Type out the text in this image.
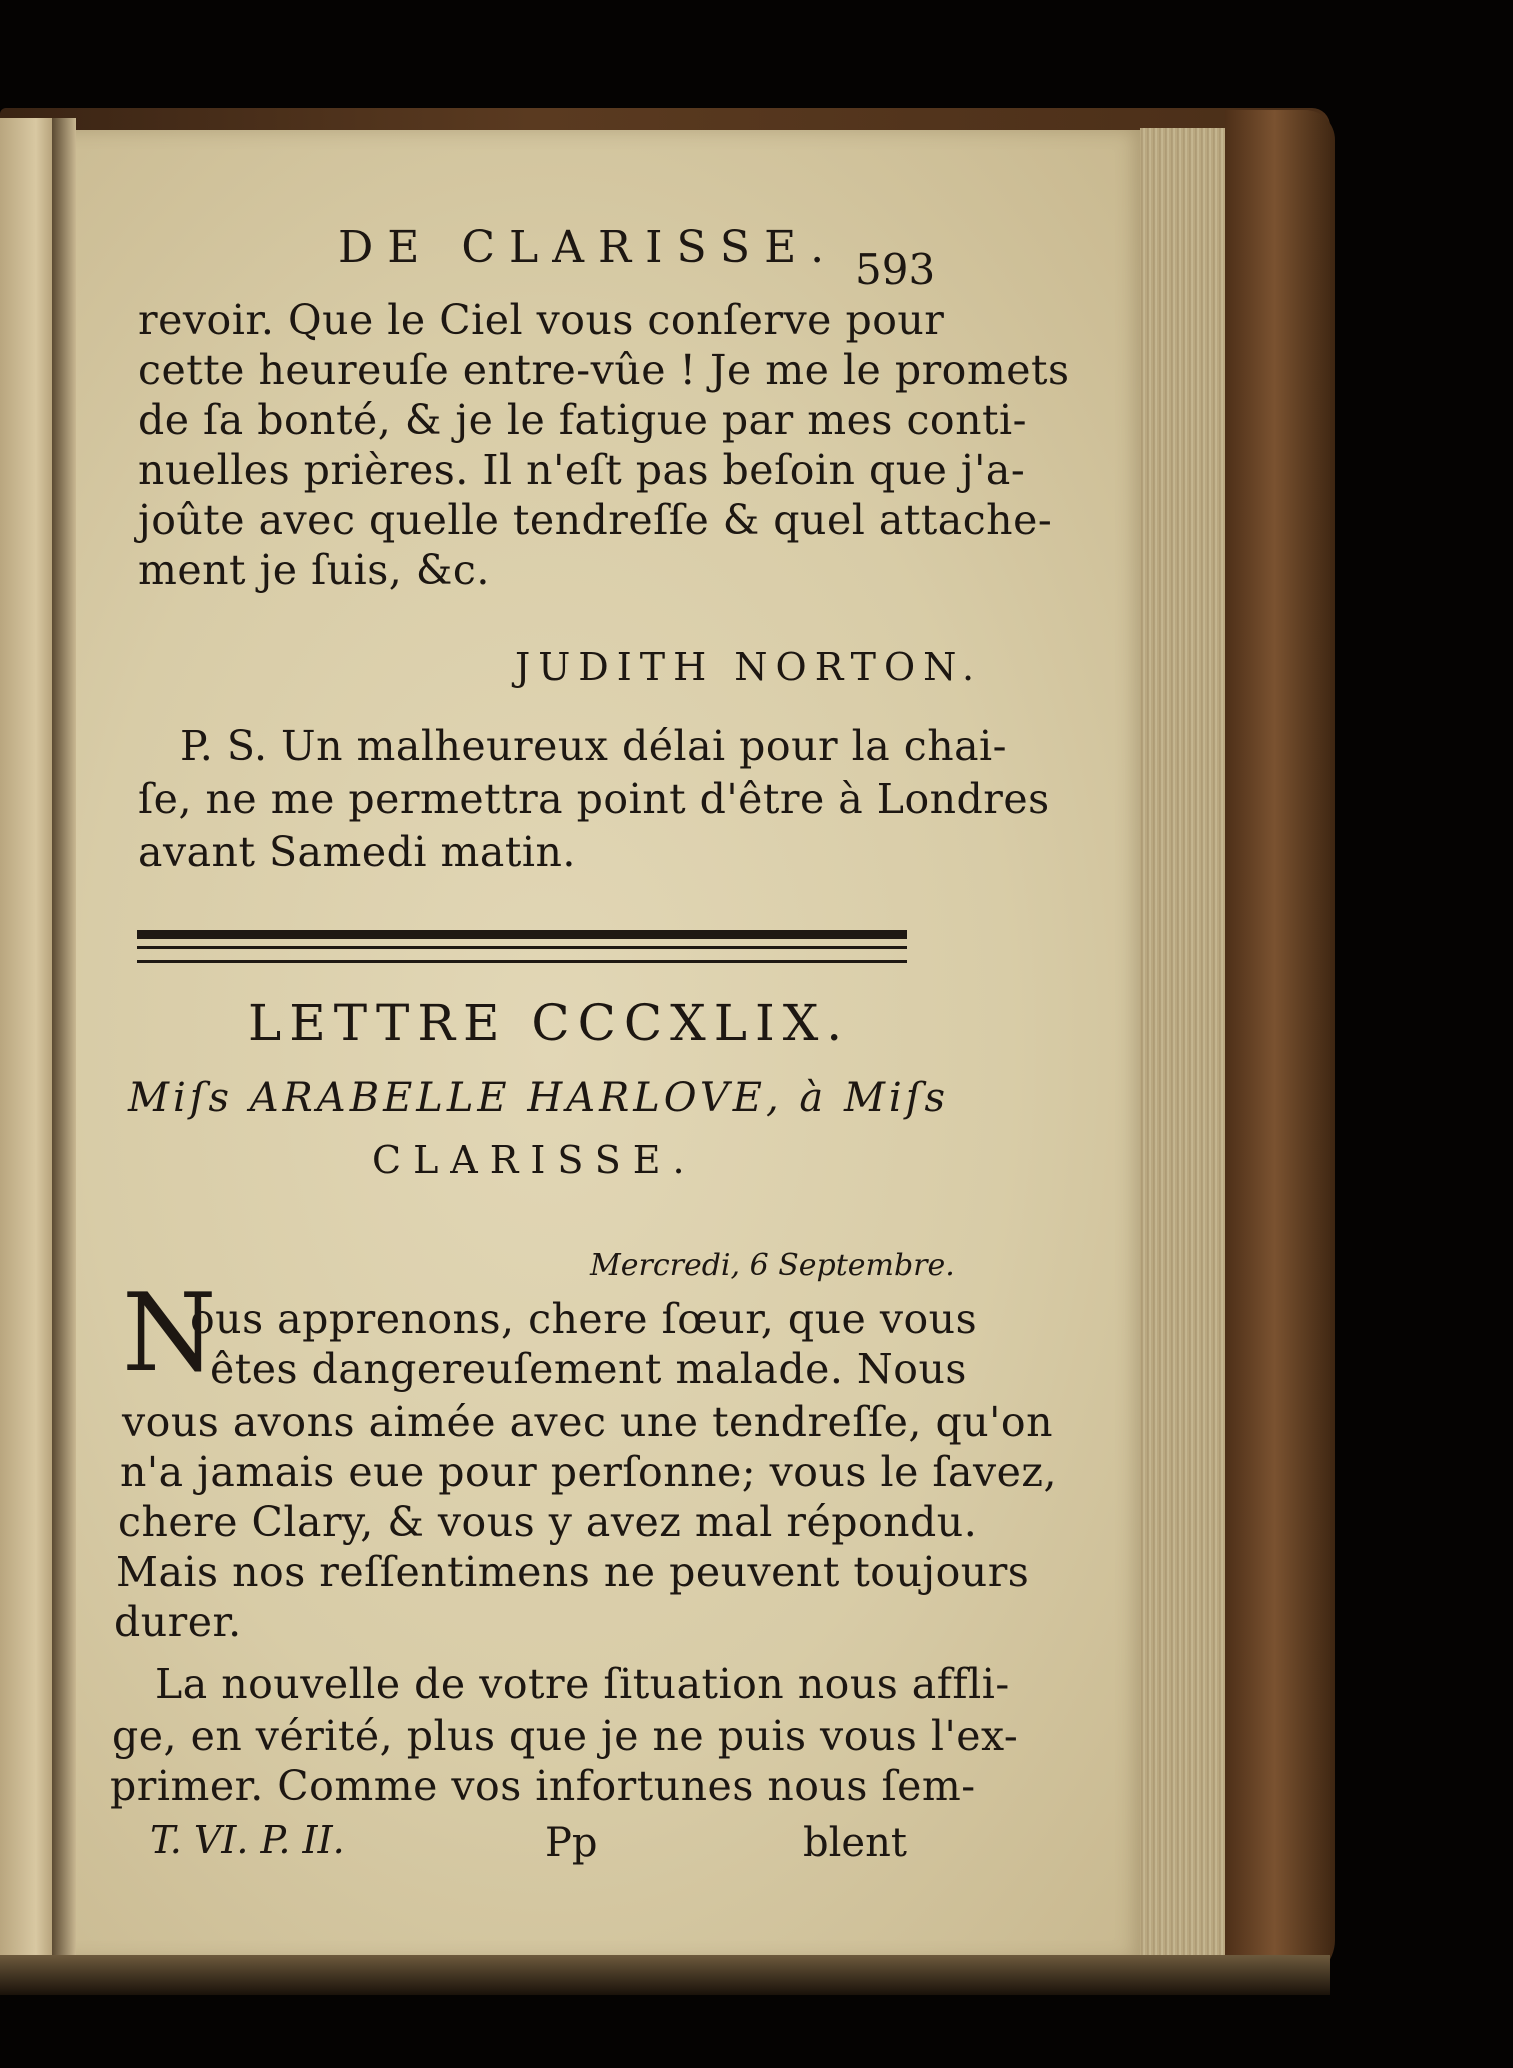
DE CLARISSE. 593
revoir. Que le Ciel vous conſerve pour
cette heureuſe entre-vûe ! Je me le promets
de ſa bonté, & je le fatigue par mes conti-
nuelles prières. Il n'eſt pas beſoin que j'a-
joûte avec quelle tendreſſe & quel attache-
ment je ſuis, &c.
JUDITH NORTON.
P. S. Un malheureux délai pour la chai-
ſe, ne me permettra point d'être à Londres
avant Samedi matin.
LETTRE CCCXLIX.
Miſs ARABELLE HARLOVE, à Miſs
CLARISSE.
Mercredi, 6 Septembre.
N
ous apprenons, chere ſœur, que vous
êtes dangereuſement malade. Nous
vous avons aimée avec une tendreſſe, qu'on
n'a jamais eue pour perſonne; vous le ſavez,
chere Clary, & vous y avez mal répondu.
Mais nos reſſentimens ne peuvent toujours
durer.
La nouvelle de votre ſituation nous affli-
ge, en vérité, plus que je ne puis vous l'ex-
primer. Comme vos infortunes nous ſem-
T. VI. P. II.	Pp	blent
